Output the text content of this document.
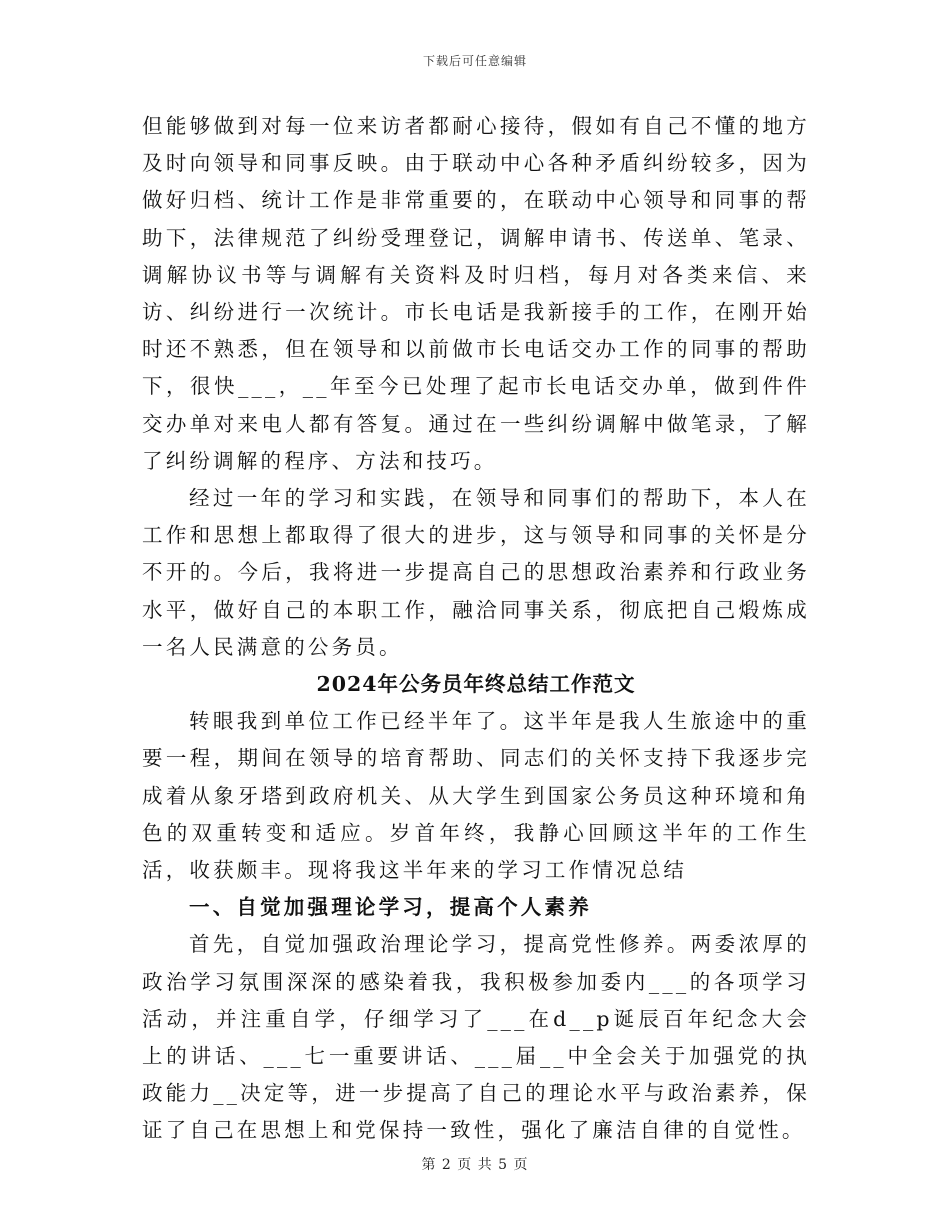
下载后可任意编辑

但能够做到对每一位来访者都耐心接待，假如有自己不懂的地方及时向领导和同事反映。由于联动中心各种矛盾纠纷较多，因为做好归档、统计工作是非常重要的，在联动中心领导和同事的帮助下，法律规范了纠纷受理登记，调解申请书、传送单、笔录、调解协议书等与调解有关资料及时归档，每月对各类来信、来访、纠纷进行一次统计。市长电话是我新接手的工作，在刚开始时还不熟悉，但在领导和以前做市长电话交办工作的同事的帮助下，很快___，__年至今已处理了起市长电话交办单，做到件件交办单对来电人都有答复。通过在一些纠纷调解中做笔录，了解了纠纷调解的程序、方法和技巧。

经过一年的学习和实践，在领导和同事们的帮助下，本人在工作和思想上都取得了很大的进步，这与领导和同事的关怀是分不开的。今后，我将进一步提高自己的思想政治素养和行政业务水平，做好自己的本职工作，融洽同事关系，彻底把自己煅炼成一名人民满意的公务员。

2024年公务员年终总结工作范文

转眼我到单位工作已经半年了。这半年是我人生旅途中的重要一程，期间在领导的培育帮助、同志们的关怀支持下我逐步完成着从象牙塔到政府机关、从大学生到国家公务员这种环境和角色的双重转变和适应。岁首年终，我静心回顾这半年的工作生活，收获颇丰。现将我这半年来的学习工作情况总结

一、自觉加强理论学习，提高个人素养

首先，自觉加强政治理论学习，提高党性修养。两委浓厚的政治学习氛围深深的感染着我，我积极参加委内___的各项学习活动，并注重自学，仔细学习了___在d__p诞辰百年纪念大会上的讲话、___七一重要讲话、___届__中全会关于加强党的执政能力__决定等，进一步提高了自己的理论水平与政治素养，保证了自己在思想上和党保持一致性，强化了廉洁自律的自觉性。

第 2 页 共 5 页
